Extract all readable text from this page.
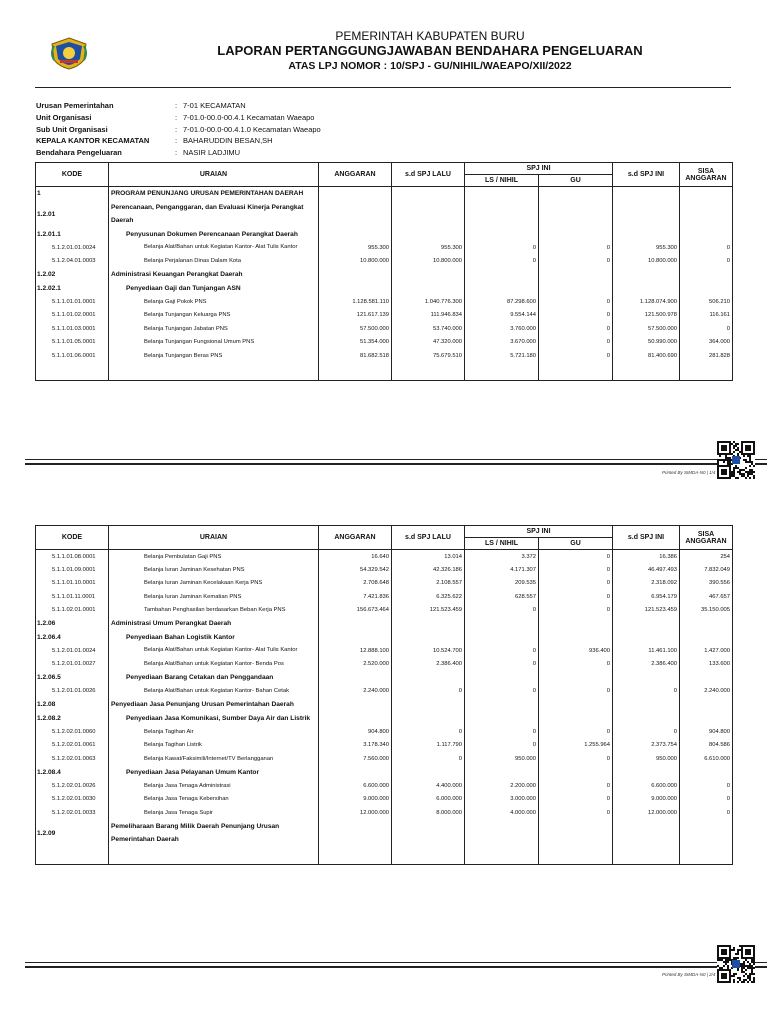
PEMERINTAH KABUPATEN BURU
LAPORAN PERTANGGUNGJAWABAN BENDAHARA PENGELUARAN
ATAS LPJ NOMOR : 10/SPJ - GU/NIHIL/WAEAPO/XII/2022
Urusan Pemerintahan	: 7-01 KECAMATAN
Unit Organisasi	: 7-01.0-00.0-00.4.1 Kecamatan Waeapo
Sub Unit Organisasi	: 7-01.0-00.0-00.4.1.0 Kecamatan Waeapo
KEPALA KANTOR KECAMATAN	: BAHARUDDIN BESAN,SH
Bendahara Pengeluaran	: NASIR LADJIMU
KODE	URAIAN	ANGGARAN	s.d SPJ LALU	SPJ INI		s.d SPJ INI	SISA ANGGARAN
				LS / NIHIL	GU		
1	PROGRAM PENUNJANG URUSAN PEMERINTAHAN DAERAH						
1.2.01	Perencanaan, Penganggaran, dan Evaluasi Kinerja Perangkat Daerah						
1.2.01.1	Penyusunan Dokumen Perencanaan Perangkat Daerah						
5.1.2.01.01.0024	Belanja Alat/Bahan untuk Kegiatan Kantor- Alat Tulis Kantor	955.300	955.300	0	0	955.300	0
5.1.2.04.01.0003	Belanja Perjalanan Dinas Dalam Kota	10.800.000	10.800.000	0	0	10.800.000	0
1.2.02	Administrasi Keuangan Perangkat Daerah						
1.2.02.1	Penyediaan Gaji dan Tunjangan ASN						
5.1.1.01.01.0001	Belanja Gaji Pokok PNS	1.128.581.110	1.040.776.300	87.298.600	0	1.128.074.900	506.210
5.1.1.01.02.0001	Belanja Tunjangan Keluarga PNS	121.617.139	111.946.834	9.554.144	0	121.500.978	116.161
5.1.1.01.03.0001	Belanja Tunjangan Jabatan PNS	57.500.000	53.740.000	3.760.000	0	57.500.000	0
5.1.1.01.05.0001	Belanja Tunjangan Fungsional Umum PNS	51.354.000	47.320.000	3.670.000	0	50.990.000	364.000
5.1.1.01.06.0001	Belanja Tunjangan Beras PNS	81.682.518	75.679.510	5.721.180	0	81.400.690	281.828

Printed By SIMDA-N0 | 1/4
KODE	URAIAN	ANGGARAN	s.d SPJ LALU	SPJ INI		s.d SPJ INI	SISA ANGGARAN
				LS / NIHIL	GU		
5.1.1.01.08.0001	Belanja Pembulatan Gaji PNS	16.640	13.014	3.372	0	16.386	254
5.1.1.01.09.0001	Belanja Iuran Jaminan Kesehatan PNS	54.329.542	42.326.186	4.171.307	0	46.497.493	7.832.049
5.1.1.01.10.0001	Belanja Iuran Jaminan Kecelakaan Kerja PNS	2.708.648	2.108.557	209.535	0	2.318.092	390.556
5.1.1.01.11.0001	Belanja Iuran Jaminan Kematian PNS	7.421.836	6.325.622	628.557	0	6.954.179	467.657
5.1.1.02.01.0001	Tambahan Penghasilan berdasarkan Beban Kerja PNS	156.673.464	121.523.459	0	0	121.523.459	35.150.005
1.2.06	Administrasi Umum Perangkat Daerah						
1.2.06.4	Penyediaan Bahan Logistik Kantor						
5.1.2.01.01.0024	Belanja Alat/Bahan untuk Kegiatan Kantor- Alat Tulis Kantor	12.888.100	10.524.700	0	936.400	11.461.100	1.427.000
5.1.2.01.01.0027	Belanja Alat/Bahan untuk Kegiatan Kantor- Benda Pos	2.520.000	2.386.400	0	0	2.386.400	133.600
1.2.06.5	Penyediaan Barang Cetakan dan Penggandaan						
5.1.2.01.01.0026	Belanja Alat/Bahan untuk Kegiatan Kantor- Bahan Cetak	2.240.000	0	0	0	0	2.240.000
1.2.08	Penyediaan Jasa Penunjang Urusan Pemerintahan Daerah						
1.2.08.2	Penyediaan Jasa Komunikasi, Sumber Daya Air dan Listrik						
5.1.2.02.01.0060	Belanja Tagihan Air	904.800	0	0	0	0	904.800
5.1.2.02.01.0061	Belanja Tagihan Listrik	3.178.340	1.117.790	0	1.255.964	2.373.754	804.586
5.1.2.02.01.0063	Belanja Kawat/Faksimili/Internet/TV Berlangganan	7.560.000	0	950.000	0	950.000	6.610.000
1.2.08.4	Penyediaan Jasa Pelayanan Umum Kantor						
5.1.2.02.01.0026	Belanja Jasa Tenaga Administrasi	6.600.000	4.400.000	2.200.000	0	6.600.000	0
5.1.2.02.01.0030	Belanja Jasa Tenaga Kebersihan	9.000.000	6.000.000	3.000.000	0	9.000.000	0
5.1.2.02.01.0033	Belanja Jasa Tenaga Supir	12.000.000	8.000.000	4.000.000	0	12.000.000	0
1.2.09	Pemeliharaan Barang Milik Daerah Penunjang Urusan Pemerintahan Daerah						

Printed By SIMDA-N0 | 2/4
